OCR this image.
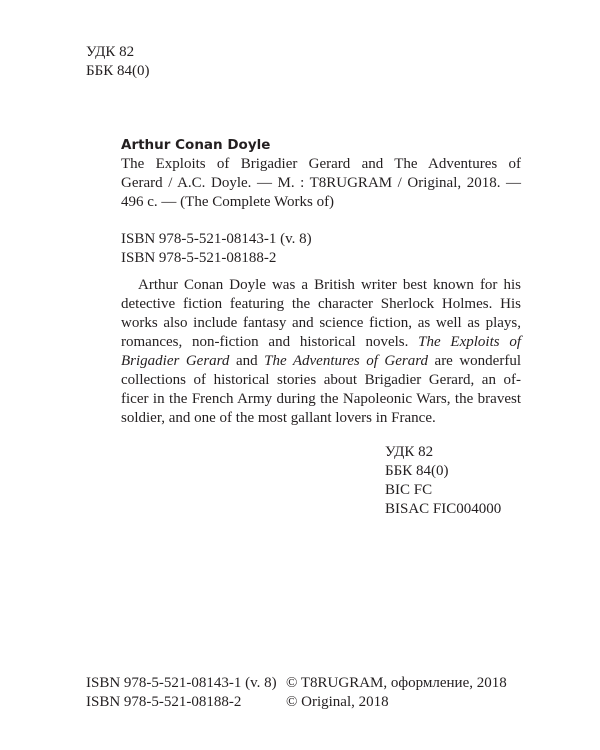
УДК 82
ББК 84(0)
Arthur Conan Doyle
The Exploits of Brigadier Gerard and The Adventures of
Gerard / A.C. Doyle. — M. : T8RUGRAM / Original, 2018. —
496 c. — (The Complete Works of)
ISBN 978-5-521-08143-1 (v. 8)
ISBN 978-5-521-08188-2
Arthur Conan Doyle was a British writer best known for his
detective fiction featuring the character Sherlock Holmes. His
works also include fantasy and science fiction, as well as plays,
romances, non-fiction and historical novels. The Exploits of
Brigadier Gerard and The Adventures of Gerard are wonderful
collections of historical stories about Brigadier Gerard, an of-
ficer in the French Army during the Napoleonic Wars, the bravest
soldier, and one of the most gallant lovers in France.
УДК 82
ББК 84(0)
BIC FC
BISAC FIC004000
ISBN 978-5-521-08143-1 (v. 8)
ISBN 978-5-521-08188-2
© T8RUGRAM, оформление, 2018
© Original, 2018
